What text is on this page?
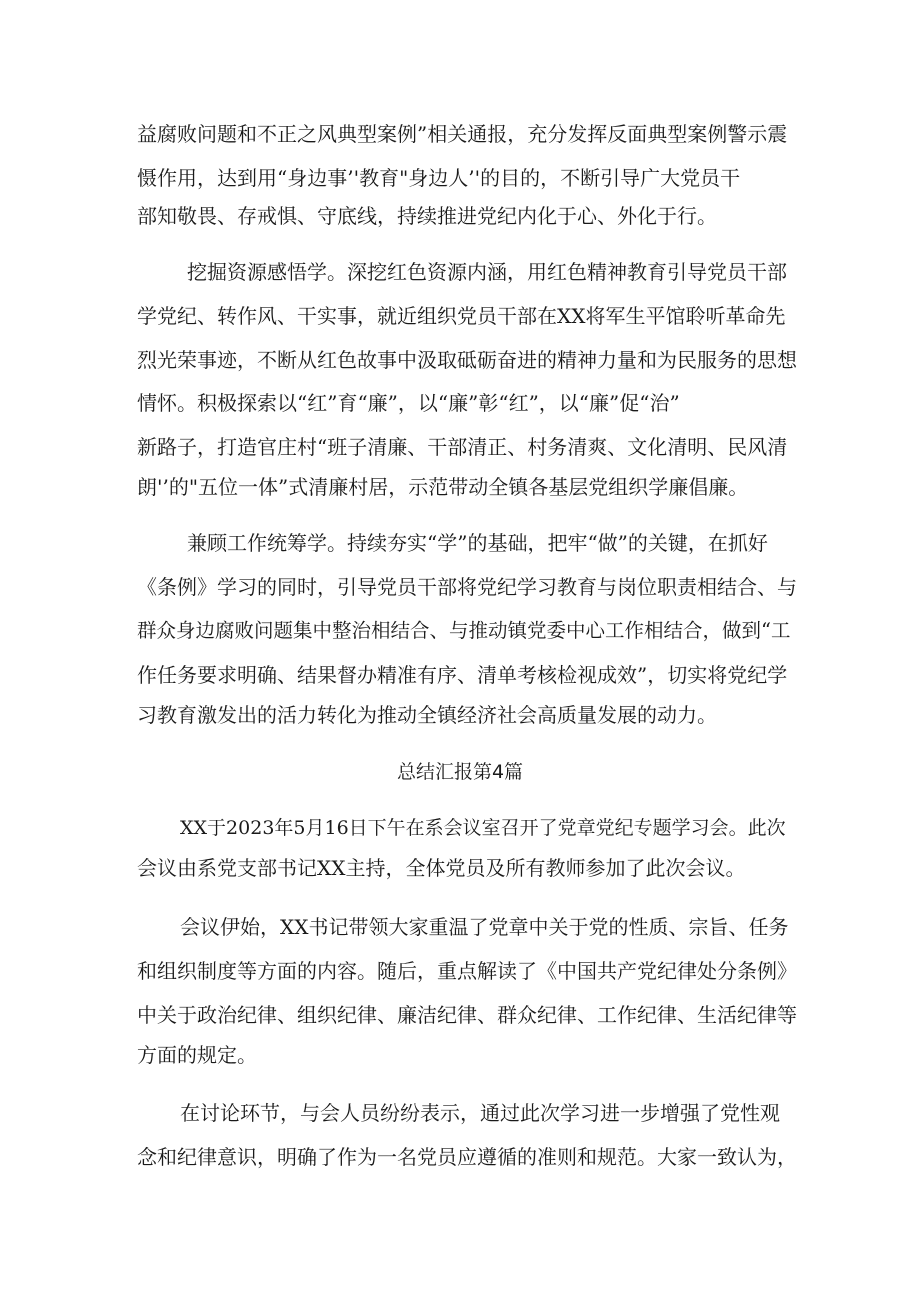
益腐败问题和不正之风典型案例”相关通报，充分发挥反面典型案例警示震
慑作用，达到用“身边事’'教育"身边人’'的目的，不断引导广大党员干
部知敬畏、存戒惧、守底线，持续推进党纪内化于心、外化于行。
挖掘资源感悟学。深挖红色资源内涵，用红色精神教育引导党员干部
学党纪、转作风、干实事，就近组织党员干部在XX将军生平馆聆听革命先
烈光荣事迹，不断从红色故事中汲取砥砺奋进的精神力量和为民服务的思想
情怀。积极探索以“红”育“廉”，以“廉”彰“红”，以“廉”促“治”
新路子，打造官庄村“班子清廉、干部清正、村务清爽、文化清明、民风清
朗'’的"五位一体”式清廉村居，示范带动全镇各基层党组织学廉倡廉。
兼顾工作统筹学。持续夯实“学”的基础，把牢“做”的关键，在抓好
《条例》学习的同时，引导党员干部将党纪学习教育与岗位职责相结合、与
群众身边腐败问题集中整治相结合、与推动镇党委中心工作相结合，做到“工
作任务要求明确、结果督办精准有序、清单考核检视成效”，切实将党纪学
习教育激发出的活力转化为推动全镇经济社会高质量发展的动力。
总结汇报第4篇
XX于2023年5月16日下午在系会议室召开了党章党纪专题学习会。此次
会议由系党支部书记XX主持，全体党员及所有教师参加了此次会议。
会议伊始，XX书记带领大家重温了党章中关于党的性质、宗旨、任务
和组织制度等方面的内容。随后，重点解读了《中国共产党纪律处分条例》
中关于政治纪律、组织纪律、廉洁纪律、群众纪律、工作纪律、生活纪律等
方面的规定。
在讨论环节，与会人员纷纷表示，通过此次学习进一步增强了党性观
念和纪律意识，明确了作为一名党员应遵循的准则和规范。大家一致认为，
